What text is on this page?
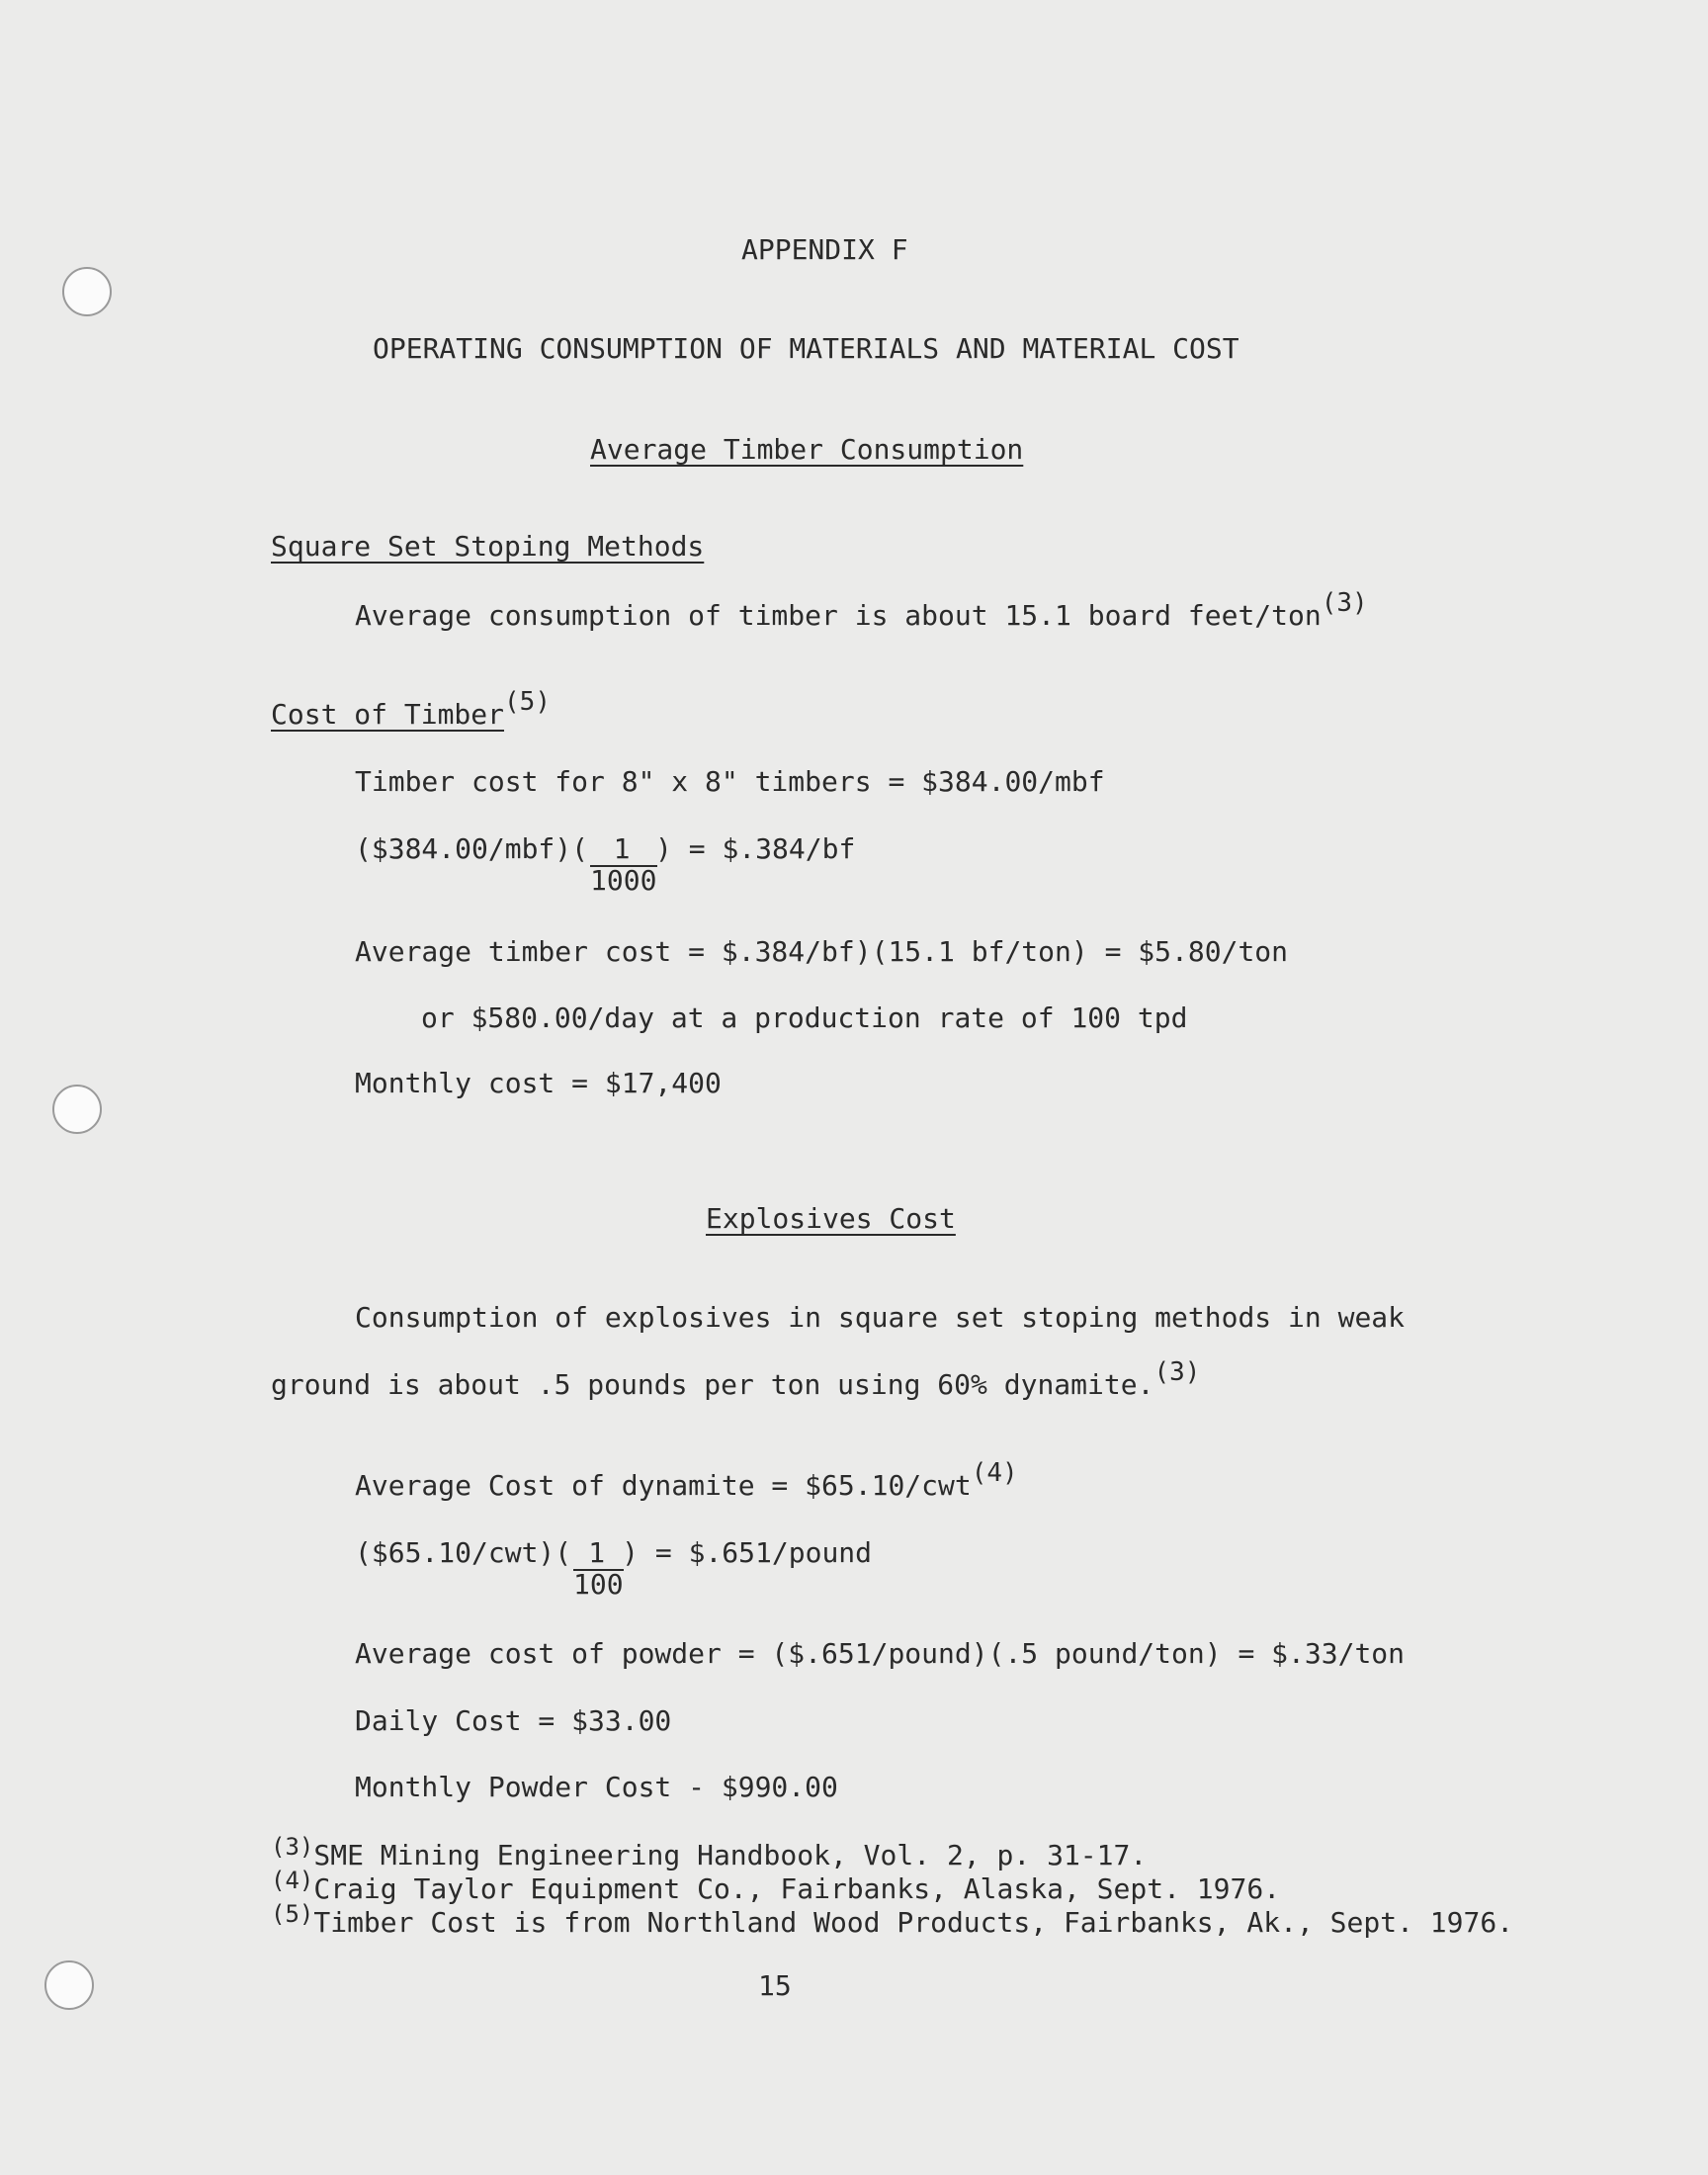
APPENDIX F
OPERATING CONSUMPTION OF MATERIALS AND MATERIAL COST
Average Timber Consumption
Square Set Stoping Methods
Average consumption of timber is about 15.1 board feet/ton$^{(3)}$
Cost of Timber$^{(5)}$
Timber cost for 8" x 8" timbers = $384.00/mbf
($384.00/mbf)( 1 ) = $.384/bf
1000
Average timber cost = $.384/bf)(15.1 bf/ton) = $5.80/ton
or $580.00/day at a production rate of 100 tpd
Monthly cost = $17,400
Explosives Cost
Consumption of explosives in square set stoping methods in weak
ground is about .5 pounds per ton using 60% dynamite.$^{(3)}$
Average Cost of dynamite = $65.10/cwt$^{(4)}$
($65.10/cwt)( 1 ) = $.651/pound
100
Average cost of powder = ($.651/pound)(.5 pound/ton) = $.33/ton
Daily Cost = $33.00
Monthly Powder Cost - $990.00
$^{(3)}$SME Mining Engineering Handbook, Vol. 2, p. 31-17.
$^{(4)}$Craig Taylor Equipment Co., Fairbanks, Alaska, Sept. 1976.
$^{(5)}$Timber Cost is from Northland Wood Products, Fairbanks, Ak., Sept. 1976.
15
